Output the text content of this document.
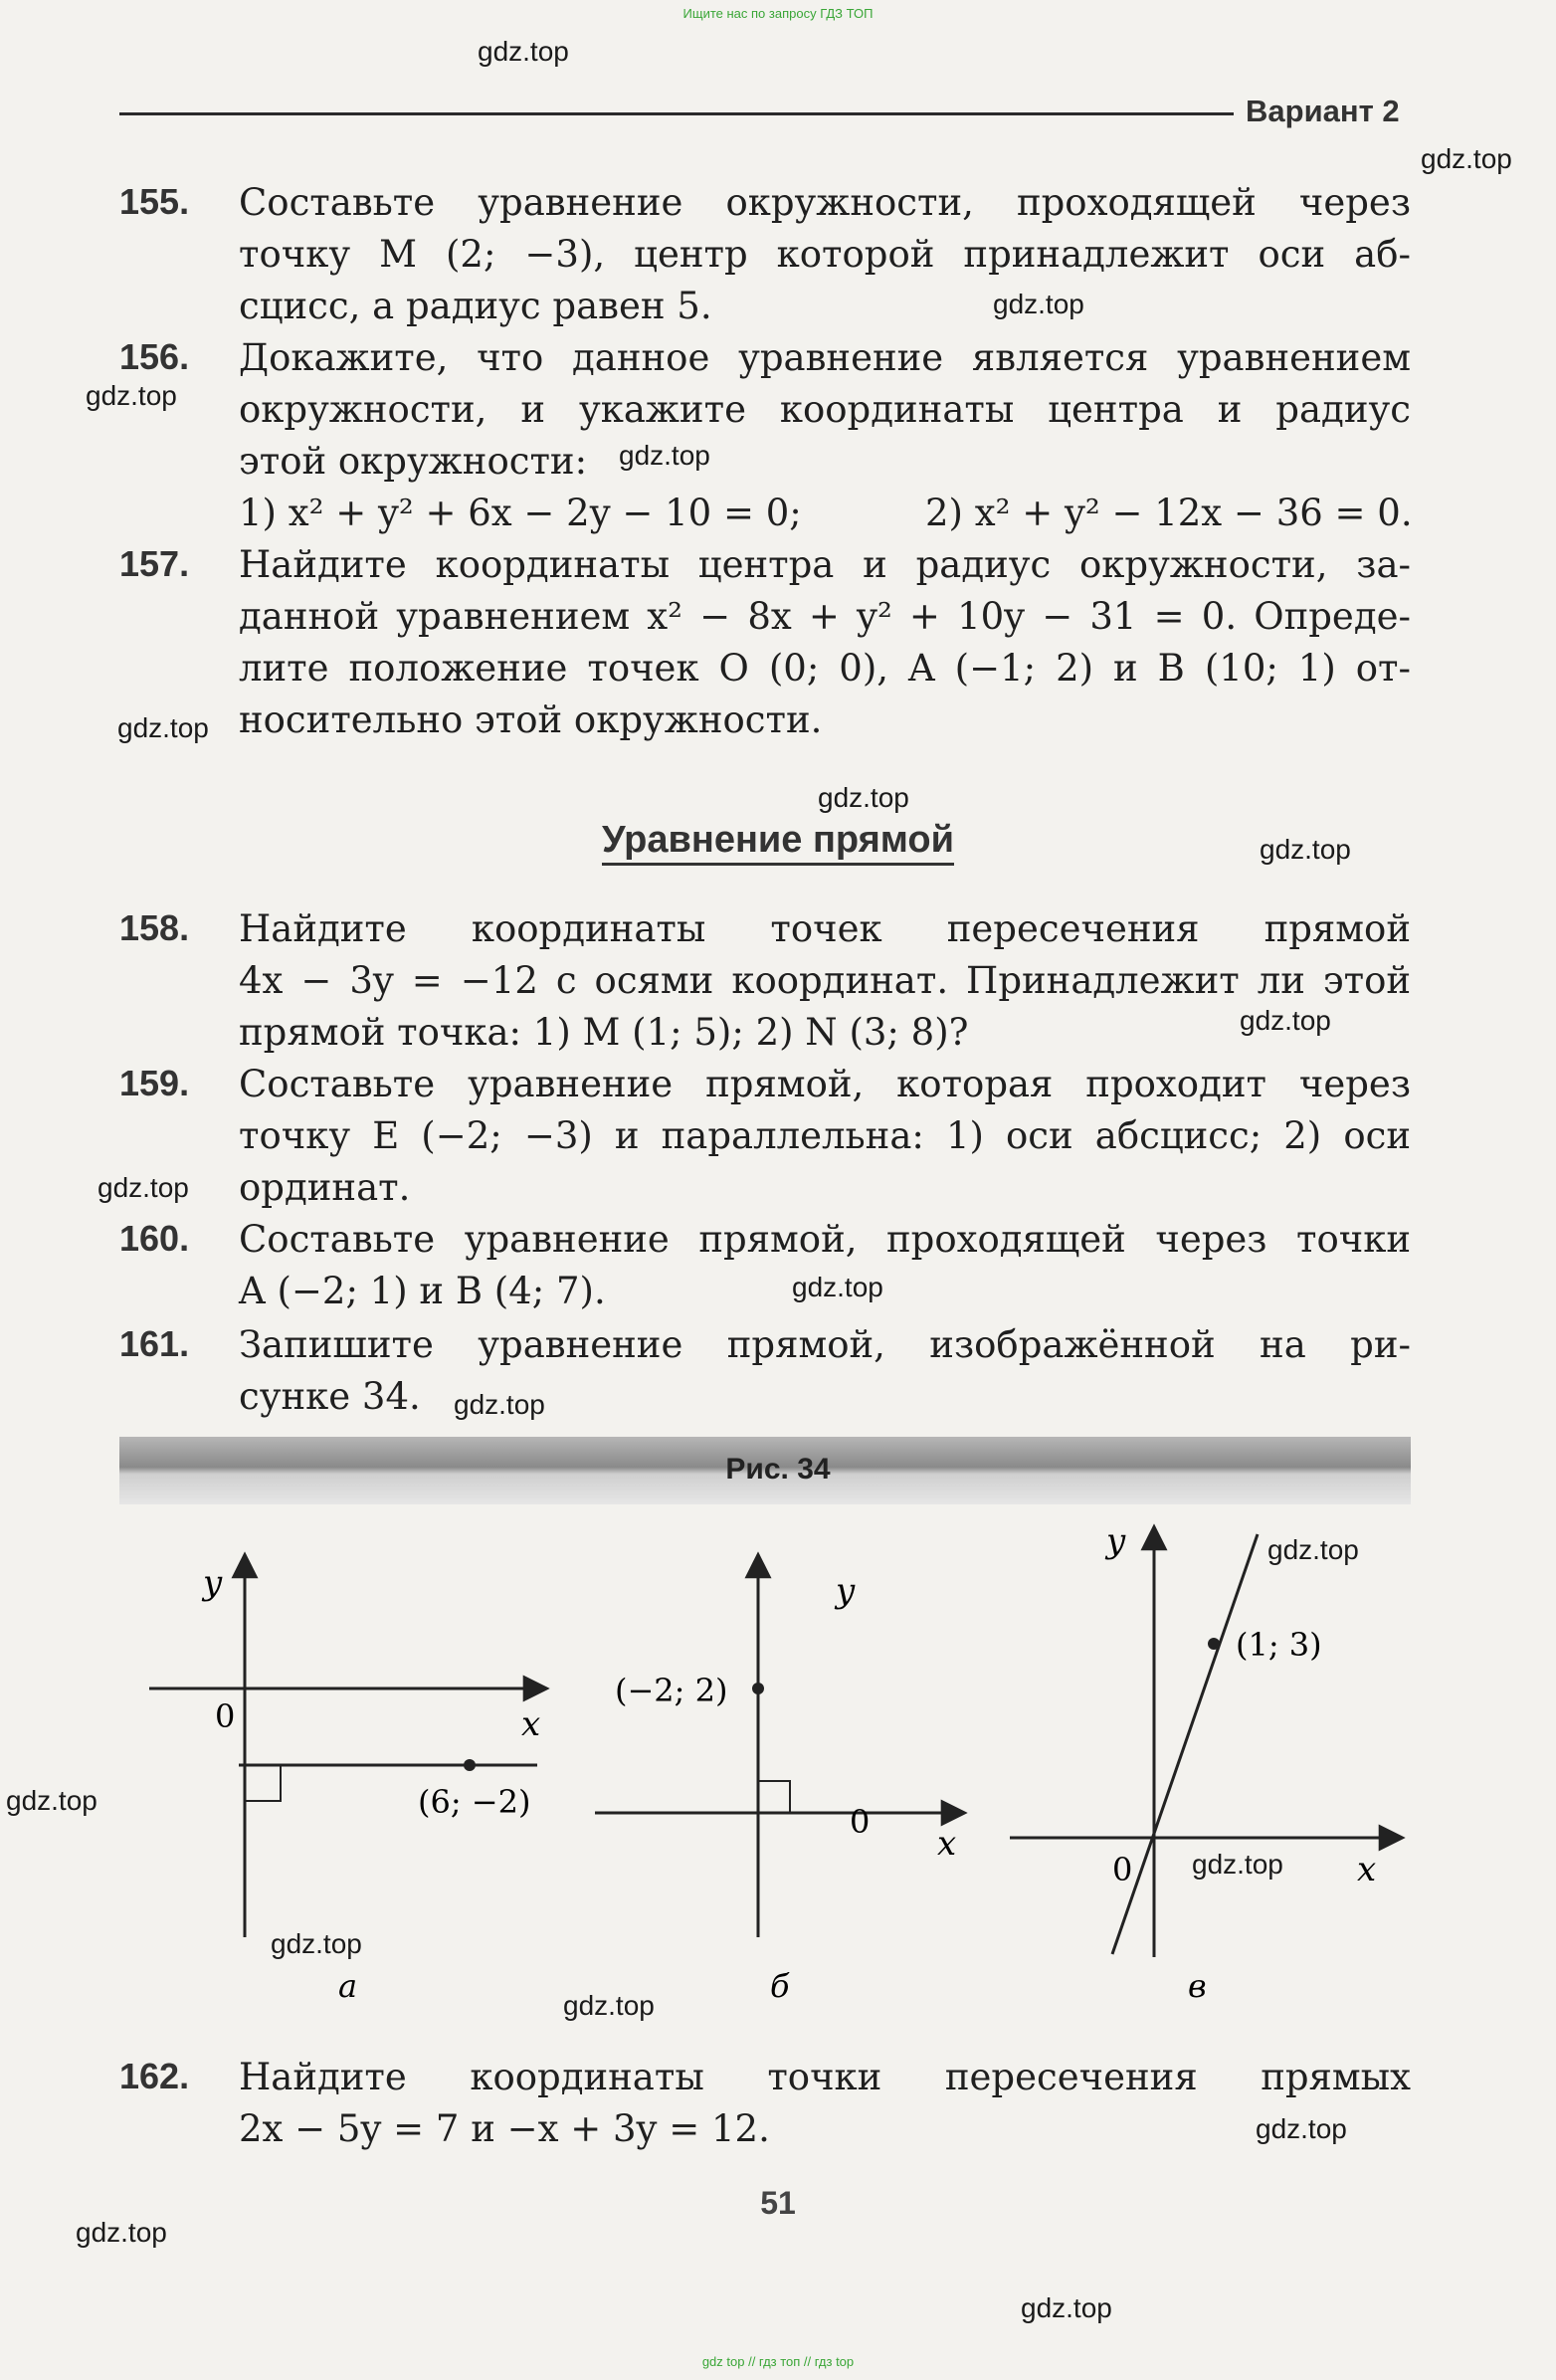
Ищите нас по запросу ГДЗ ТОП
Вариант 2
155. Составьте уравнение окружности, проходящей через
точку M (2; −3), центр которой принадлежит оси аб-
сцисс, а радиус равен 5.
156. Докажите, что данное уравнение является уравнением
окружности, и укажите координаты центра и радиус
этой окружности:
1) x² + y² + 6x − 2y − 10 = 0;	2) x² + y² − 12x − 36 = 0.
157. Найдите координаты центра и радиус окружности, за-
данной уравнением x² − 8x + y² + 10y − 31 = 0. Опреде-
лите положение точек O (0; 0), A (−1; 2) и B (10; 1) от-
носительно этой окружности.
Уравнение прямой
158. Найдите координаты точек пересечения прямой
4x − 3y = −12 с осями координат. Принадлежит ли этой
прямой точка: 1) M (1; 5); 2) N (3; 8)?
159. Составьте уравнение прямой, которая проходит через
точку E (−2; −3) и параллельна: 1) оси абсцисс; 2) оси
ординат.
160. Составьте уравнение прямой, проходящей через точки
A (−2; 1) и B (4; 7).
161. Запишите уравнение прямой, изображённой на ри-
сунке 34.
Рис. 34
y
0	x
(6; −2)
а
y
0
x
(−2; 2)
б
y
0	x
(1; 3)
в
162. Найдите координаты точки пересечения прямых
2x − 5y = 7 и −x + 3y = 12.
51
gdz.top
gdz.top
gdz.top
gdz.top
gdz.top
gdz.top
gdz.top
gdz.top
gdz.top
gdz.top
gdz.top
gdz.top
gdz.top
gdz.top
gdz.top
gdz.top
gdz.top
gdz.top
gdz.top
gdz.top
gdz top // гдз топ // гдз top
